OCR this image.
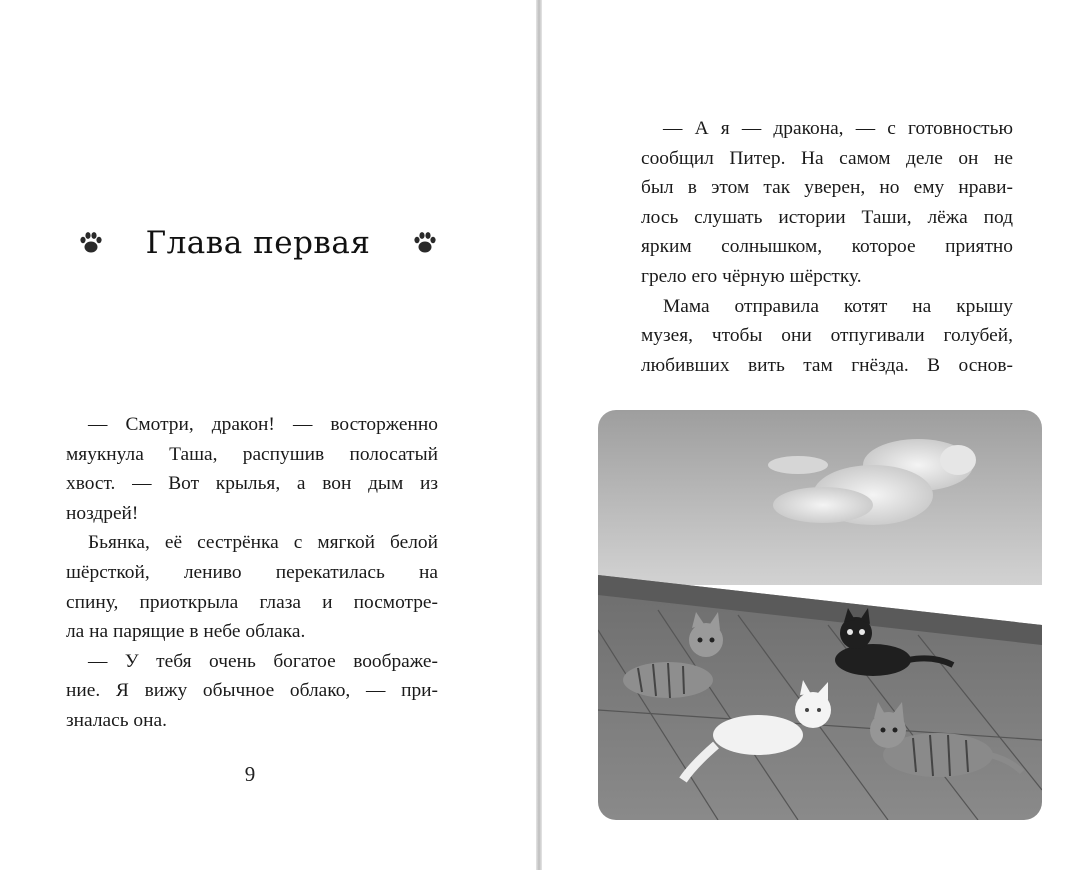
Глава первая

— Смотри, дракон! — восторженно
мяукнула Таша, распушив полосатый
хвост. — Вот крылья, а вон дым из
ноздрей!

Бьянка, её сестрёнка с мягкой белой
шёрсткой, лениво перекатилась на
спину, приоткрыла глаза и посмотре-
ла на парящие в небе облака.

— У тебя очень богатое воображе-
ние. Я вижу обычное облако, — при-
зналась она.

9

— А я — дракона, — с готовностью
сообщил Питер. На самом деле он не
был в этом так уверен, но ему нрави-
лось слушать истории Таши, лёжа под
ярким солнышком, которое приятно
грело его чёрную шёрстку.

Мама отправила котят на крышу
музея, чтобы они отпугивали голубей,
любивших вить там гнёзда. В основ-
